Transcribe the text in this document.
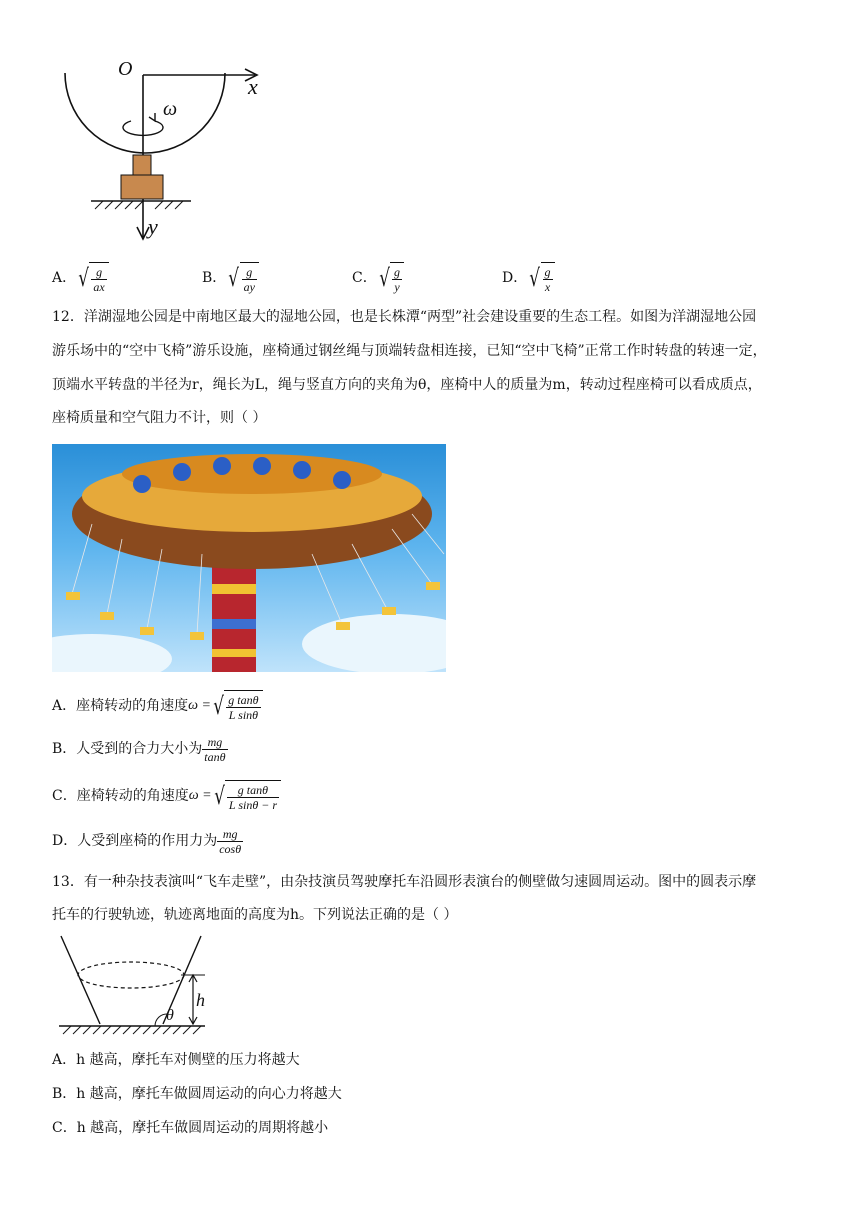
O
x
y
ω
A． √ $\frac{g}{ax}$	B． √ $\frac{g}{ay}$	C． √ $\frac{g}{y}$	D． √ $\frac{g}{x}$
12．洋湖湿地公园是中南地区最大的湿地公园，也是长株潭“两型”社会建设重要的生态工程。如图为洋湖湿地公园
游乐场中的“空中飞椅”游乐设施，座椅通过钢丝绳与顶端转盘相连接，已知“空中飞椅”正常工作时转盘的转速一定，
顶端水平转盘的半径为r，绳长为L，绳与竖直方向的夹角为θ，座椅中人的质量为m，转动过程座椅可以看成质点，
座椅质量和空气阻力不计，则（ ）
A．座椅转动的角速度 ω = √ $\frac{\text{g tanθ}}{\text{L sinθ}}$
B．人受到的合力大小为 $\frac{mg}{\tan\theta}$
C．座椅转动的角速度 ω = √ $\frac{\text{g tanθ}}{\text{L sinθ − r}}$
D．人受到座椅的作用力为 $\frac{mg}{\cos\theta}$
13．有一种杂技表演叫“飞车走壁”，由杂技演员驾驶摩托车沿圆形表演台的侧壁做匀速圆周运动。图中的圆表示摩
托车的行驶轨迹，轨迹离地面的高度为h。下列说法正确的是（ ）
h
θ
A．h 越高，摩托车对侧壁的压力将越大
B．h 越高，摩托车做圆周运动的向心力将越大
C．h 越高，摩托车做圆周运动的周期将越小
